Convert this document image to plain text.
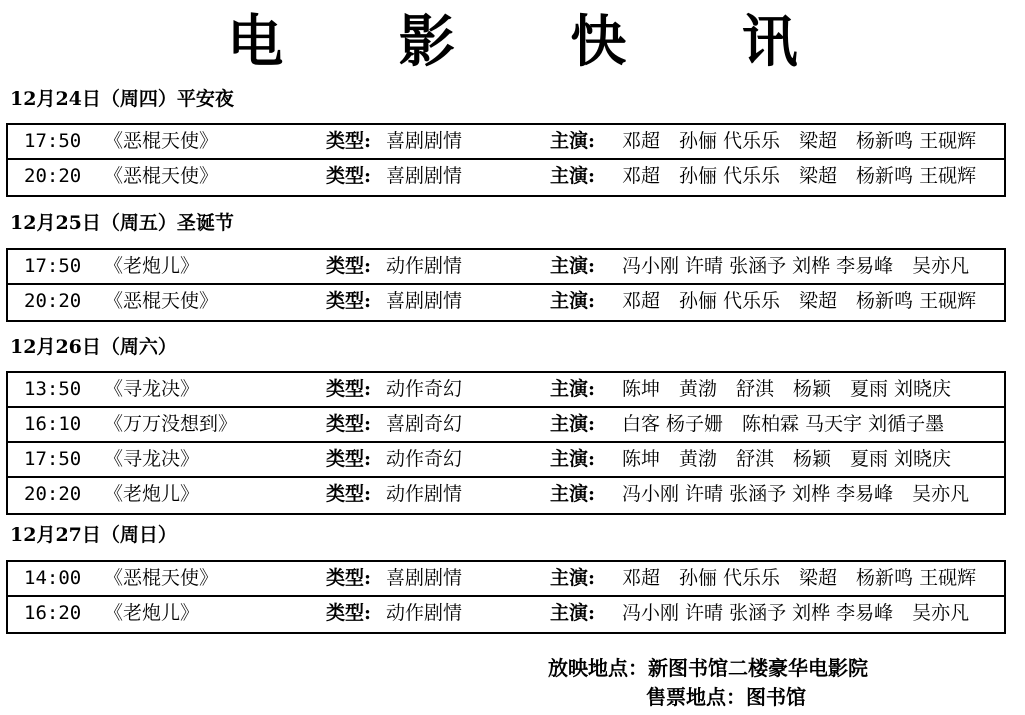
电 影 快 讯
12月24日（周四）平安夜
17:50 《恶棍天使》	类型: 喜剧剧情	主演: 邓超　孙俪 代乐乐　梁超　杨新鸣 王砚辉
20:20 《恶棍天使》	类型: 喜剧剧情	主演: 邓超　孙俪 代乐乐　梁超　杨新鸣 王砚辉
12月25日（周五）圣诞节
17:50 《老炮儿》	类型: 动作剧情	主演: 冯小刚 许晴 张涵予 刘桦 李易峰　吴亦凡
20:20 《恶棍天使》	类型: 喜剧剧情	主演: 邓超　孙俪 代乐乐　梁超　杨新鸣 王砚辉
12月26日（周六）
13:50 《寻龙决》	类型: 动作奇幻	主演: 陈坤　黄渤　舒淇　杨颖　夏雨 刘晓庆
16:10 《万万没想到》	类型: 喜剧奇幻	主演: 白客 杨子姗　陈柏霖 马天宇 刘循子墨
17:50 《寻龙决》	类型: 动作奇幻	主演: 陈坤　黄渤　舒淇　杨颖　夏雨 刘晓庆
20:20 《老炮儿》	类型: 动作剧情	主演: 冯小刚 许晴 张涵予 刘桦 李易峰　吴亦凡
12月27日（周日）
14:00 《恶棍天使》	类型: 喜剧剧情	主演: 邓超　孙俪 代乐乐　梁超　杨新鸣 王砚辉
16:20 《老炮儿》	类型: 动作剧情	主演: 冯小刚 许晴 张涵予 刘桦 李易峰　吴亦凡
放映地点：新图书馆二楼豪华电影院
售票地点：图书馆
